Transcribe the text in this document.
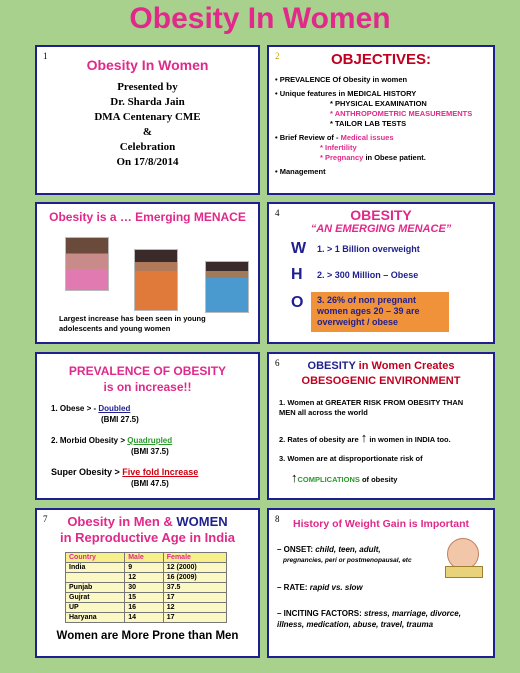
Obesity In Women
1
Obesity In Women
Presented by
Dr. Sharda Jain
DMA Centenary CME
&
Celebration
On 17/8/2014
2	OBJECTIVES:
• PREVALENCE Of Obesity in women
• Unique features in MEDICAL HISTORY
* PHYSICAL EXAMINATION
* ANTHROPOMETRIC MEASUREMENTS
* TAILOR LAB TESTS
• Brief Review of - Medical issues
* Infertility
* Pregnancy in Obese patient.
• Management
Obesity is a … Emerging MENACE
Largest increase has been seen in young adolescents and young women
4	OBESITY
“AN EMERGING MENACE”
W
H
O
1. > 1 Billion overweight
2. > 300 Million – Obese
3. 26% of non pregnant women ages 20 – 39 are overweight / obese
PREVALENCE OF OBESITY
is on increase!!
1. Obese > - Doubled
(BMI 27.5)
2. Morbid Obesity > Quadrupled
(BMI 37.5)
Super Obesity > Five fold Increase
(BMI 47.5)
6	OBESITY in Women Creates
OBESOGENIC ENVIRONMENT
1. Women at GREATER RISK FROM OBESITY THAN MEN all across the world
2. Rates of obesity are ↑ in women in INDIA too.
3. Women are at disproportionate risk of
↑COMPLICATIONS of obesity
7	Obesity in Men & WOMEN
in Reproductive Age in India
Country	Male	Female
India	9	12 (2000)
	12	16 (2009)
Punjab	30	37.5
Gujrat	15	17
UP	16	12
Haryana	14	17
Women are More Prone than Men
8	History of Weight Gain is Important
– ONSET: child, teen, adult,
pregnancies, peri or postmenopausal, etc
– RATE: rapid vs. slow
– INCITING FACTORS: stress, marriage, divorce, illness, medication, abuse, travel, trauma
